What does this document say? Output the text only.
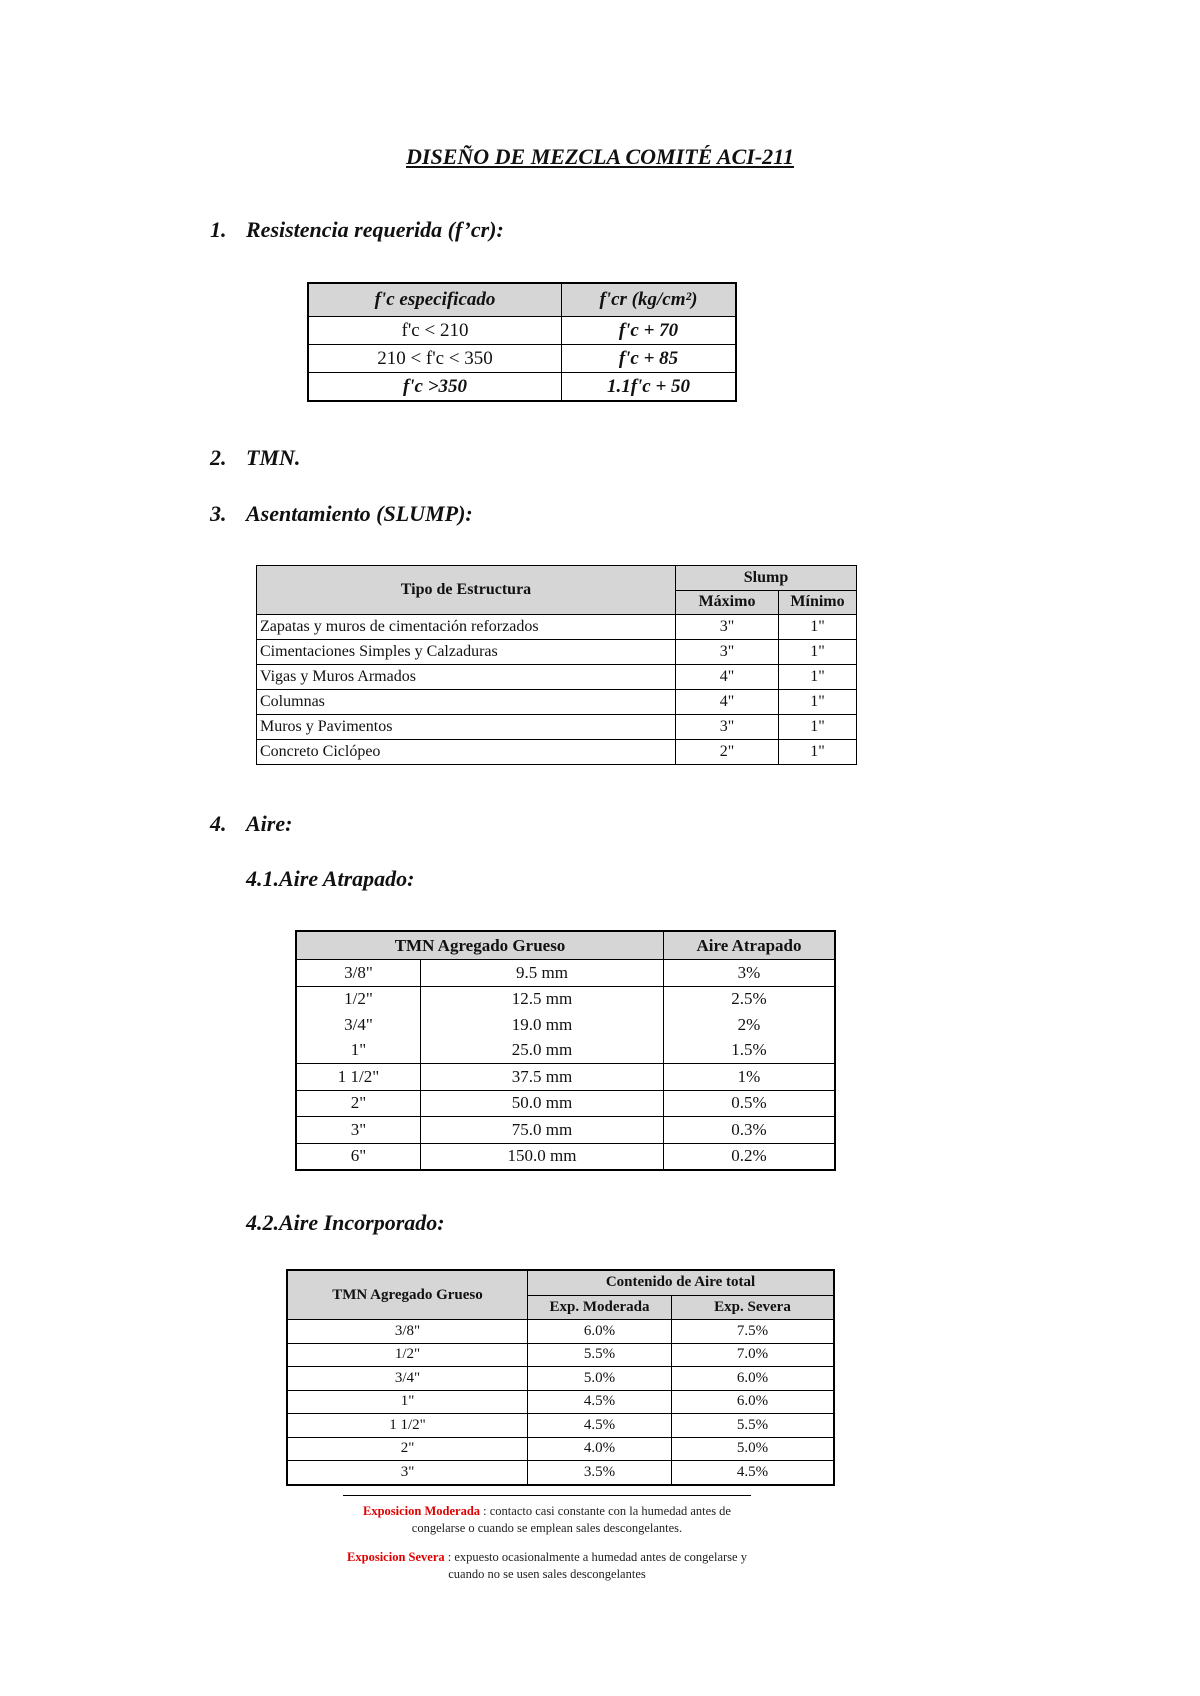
DISEÑO DE MEZCLA COMITÉ ACI-211
1. Resistencia requerida (f’cr):
f'c especificado	f'cr (kg/cm²)
f'c < 210	f'c + 70
210 < f'c < 350	f'c + 85
f'c >350	1.1f'c + 50
2. TMN.
3. Asentamiento (SLUMP):
Tipo de Estructura	Slump	
	Máximo	Mínimo
Zapatas y muros de cimentación reforzados	3"	1"
Cimentaciones Simples y Calzaduras	3"	1"
Vigas y Muros Armados	4"	1"
Columnas	4"	1"
Muros y Pavimentos	3"	1"
Concreto Ciclópeo	2"	1"
4. Aire:
4.1.Aire Atrapado:
TMN Agregado Grueso		Aire Atrapado
3/8"	9.5 mm	3%
1/2"	12.5 mm	2.5%
3/4"	19.0 mm	2%
1"	25.0 mm	1.5%
1 1/2"	37.5 mm	1%
2"	50.0 mm	0.5%
3"	75.0 mm	0.3%
6"	150.0 mm	0.2%
4.2.Aire Incorporado:
TMN Agregado Grueso	Contenido de Aire total	
	Exp. Moderada	Exp. Severa
3/8"	6.0%	7.5%
1/2"	5.5%	7.0%
3/4"	5.0%	6.0%
1"	4.5%	6.0%
1 1/2"	4.5%	5.5%
2"	4.0%	5.0%
3"	3.5%	4.5%
Exposicion Moderada : contacto casi constante con la humedad antes de congelarse o cuando se emplean sales descongelantes.
Exposicion Severa : expuesto ocasionalmente a humedad antes de congelarse y cuando no se usen sales descongelantes
